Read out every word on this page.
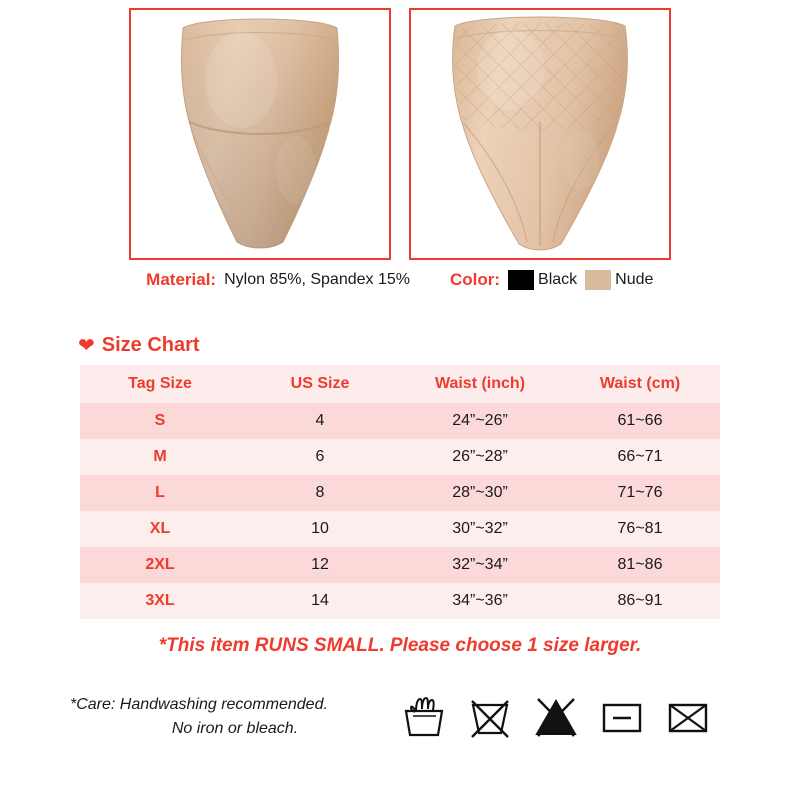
Material: Nylon 85%, Spandex 15% Color: Black Nude
❤ Size Chart
Tag Size	US Size	Waist (inch)	Waist (cm)
S	4	24”~26”	61~66
M	6	26”~28”	66~71
L	8	28”~30”	71~76
XL	10	30”~32”	76~81
2XL	12	32”~34”	81~86
3XL	14	34”~36”	86~91
*This item RUNS SMALL. Please choose 1 size larger.
*Care: Handwashing recommended.
No iron or bleach.
